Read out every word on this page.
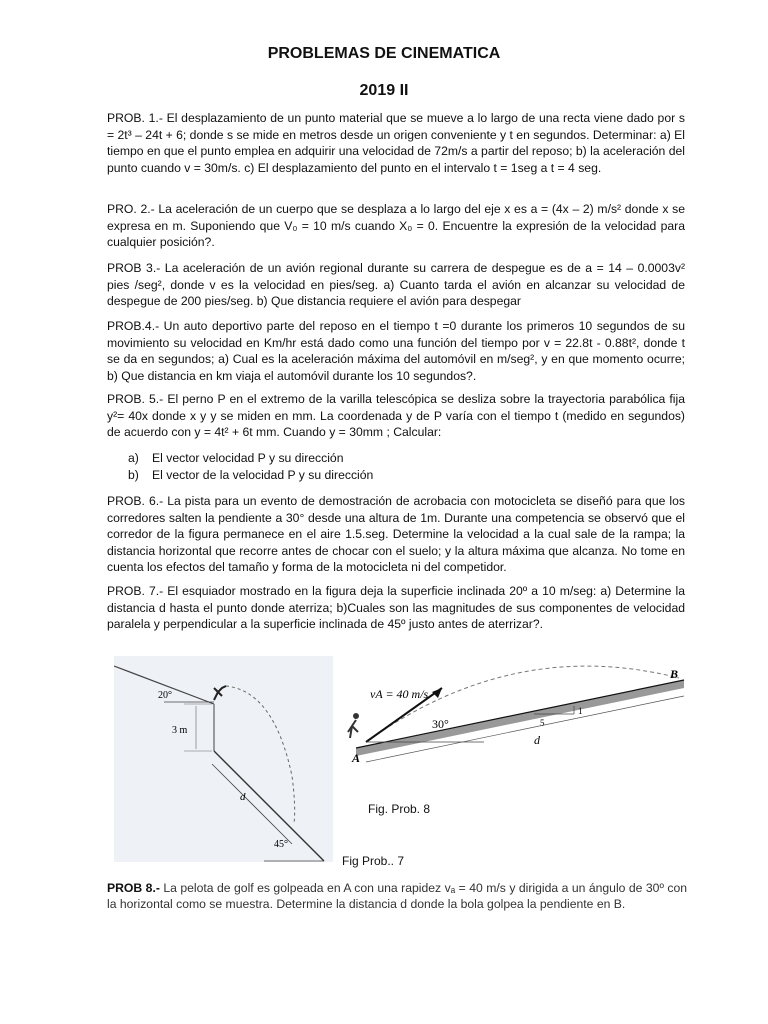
PROBLEMAS DE CINEMATICA
2019 II

PROB. 1.- El desplazamiento de un punto material que se mueve a lo largo de una recta viene dado por s = 2t³ – 24t + 6; donde s se mide en metros desde un origen conveniente y t en segundos. Determinar: a) El tiempo en que el punto emplea en adquirir una velocidad de 72m/s a partir del reposo; b) la aceleración del punto cuando v = 30m/s. c) El desplazamiento del punto en el intervalo t = 1seg a t = 4 seg.

PRO. 2.- La aceleración de un cuerpo que se desplaza a lo largo del eje x es a = (4x – 2) m/s² donde x se expresa en m. Suponiendo que V₀ = 10 m/s cuando X₀ = 0. Encuentre la expresión de la velocidad para cualquier posición?.

PROB 3.- La aceleración de un avión regional durante su carrera de despegue es de a = 14 – 0.0003v² pies /seg², donde v es la velocidad en pies/seg. a) Cuanto tarda el avión en alcanzar su velocidad de despegue de 200 pies/seg. b) Que distancia requiere el avión para despegar

PROB.4.- Un auto deportivo parte del reposo en el tiempo t =0 durante los primeros 10 segundos de su movimiento su velocidad en Km/hr está dado como una función del tiempo por v = 22.8t - 0.88t², donde t se da en segundos; a) Cual es la aceleración máxima del automóvil en m/seg², y en que momento ocurre; b) Que distancia en km viaja el automóvil durante los 10 segundos?.

PROB. 5.- El perno P en el extremo de la varilla telescópica se desliza sobre la trayectoria parabólica fija y²= 40x donde x y y se miden en mm. La coordenada y de P varía con el tiempo t (medido en segundos) de acuerdo con y = 4t² + 6t mm. Cuando y = 30mm ; Calcular:

a) El vector velocidad P y su dirección
b) El vector de la velocidad P y su dirección

PROB. 6.- La pista para un evento de demostración de acrobacia con motocicleta se diseñó para que los corredores salten la pendiente a 30° desde una altura de 1m. Durante una competencia se observó que el corredor de la figura permanece en el aire 1.5.seg. Determine la velocidad a la cual sale de la rampa; la distancia horizontal que recorre antes de chocar con el suelo; y la altura máxima que alcanza. No tome en cuenta los efectos del tamaño y forma de la motocicleta ni del competidor.

PROB. 7.- El esquiador mostrado en la figura deja la superficie inclinada 20º a 10 m/seg: a) Determine la distancia d hasta el punto donde aterriza; b)Cuales son las magnitudes de sus componentes de velocidad paralela y perpendicular a la superficie inclinada de 45º justo antes de aterrizar?.

20°
3 m
d
45°
vA = 40 m/s
30°	5
1
A
B
d
Fig. Prob. 8
Fig Prob.. 7

PROB 8.- La pelota de golf es golpeada en A con una rapidez vₐ = 40 m/s y dirigida a un ángulo de 30º con la horizontal como se muestra. Determine la distancia d donde la bola golpea la pendiente en B.
